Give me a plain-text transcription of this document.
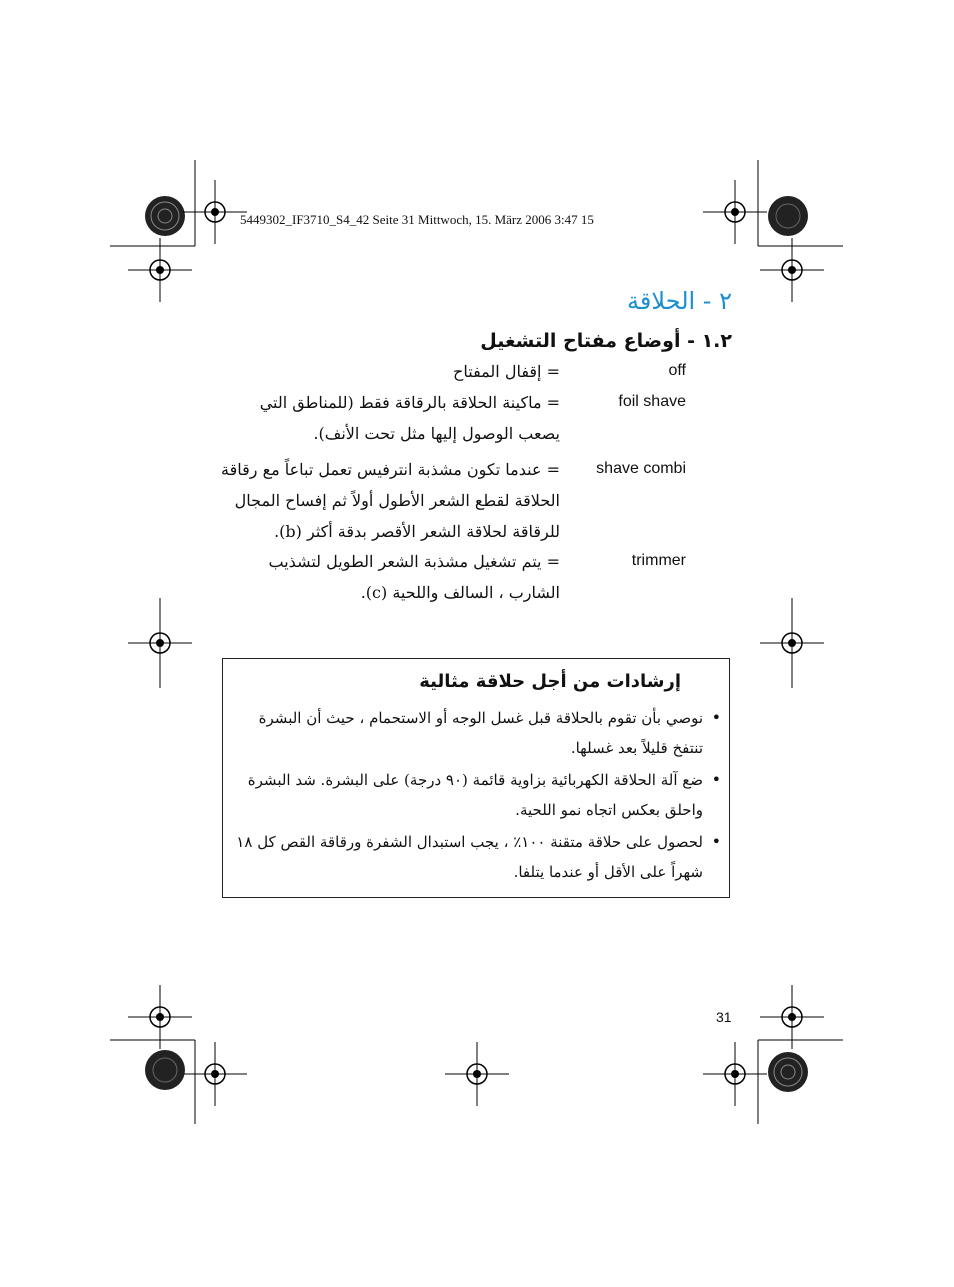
5449302_IF3710_S4_42 Seite 31 Mittwoch, 15. März 2006 3:47 15
٢ - الحلاقة
١.٢ - أوضاع مفتاح التشغيل
off
= إقفال المفتاح
foil shave
= ماكينة الحلاقة بالرقاقة فقط (للمناطق التي يصعب الوصول إليها مثل تحت الأنف).
shave combi
= عندما تكون مشذبة انترفيس تعمل تباعاً مع رقاقة الحلاقة لقطع الشعر الأطول أولاً ثم إفساح المجال للرقاقة لحلاقة الشعر الأقصر بدقة أكثر (b).
trimmer
= يتم تشغيل مشذبة الشعر الطويل لتشذيب الشارب ، السالف واللحية (c).
إرشادات من أجل حلاقة مثالية
•
نوصي بأن تقوم بالحلاقة قبل غسل الوجه أو الاستحمام ، حيث أن البشرة تنتفخ قليلاً بعد غسلها.
•
ضع آلة الحلاقة الكهربائية بزاوية قائمة (٩٠ درجة) على البشرة. شد البشرة واحلق بعكس اتجاه نمو اللحية.
•
لحصول على حلاقة متقنة ١٠٠٪ ، يجب استبدال الشفرة ورقاقة القص كل ١٨ شهراً على الأقل أو عندما يتلفا.
31
